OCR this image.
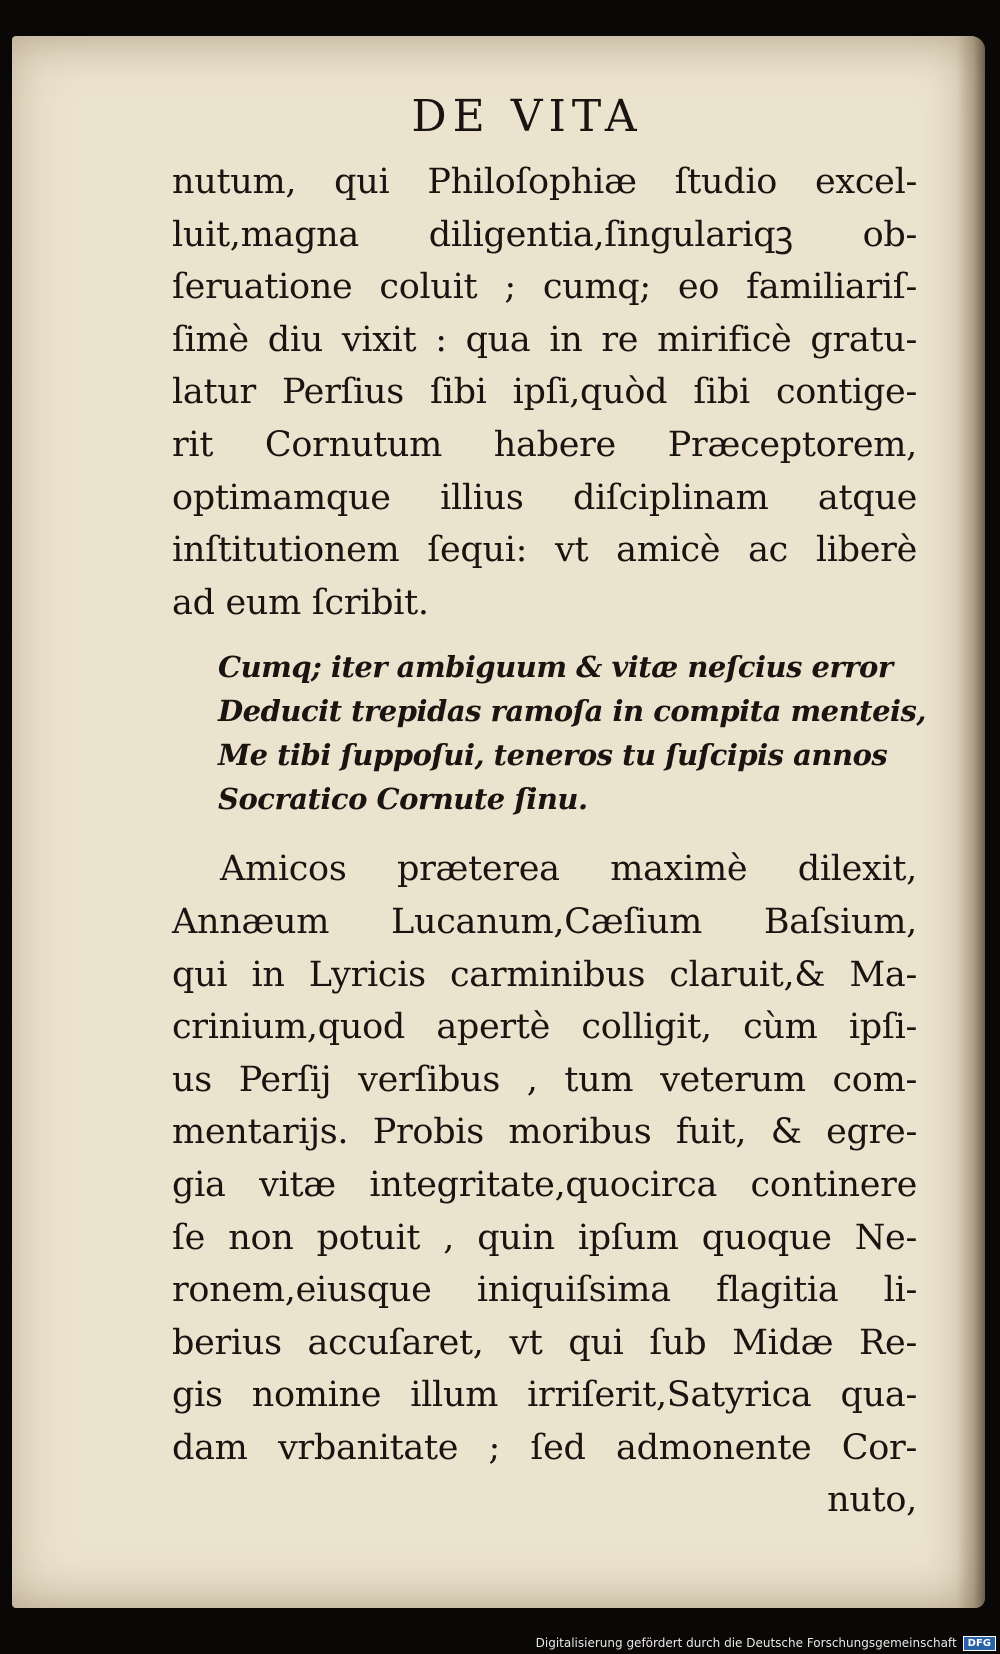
DE VITA
nutum, qui Philoſophiæ ſtudio excel-
luit,magna diligentia,ſingulariqꝫ ob-
ſeruatione coluit ; cumq; eo familiariſ-
ſimè diu vixit : qua in re mirificè gratu-
latur Perſius ſibi ipſi,quòd ſibi contige-
rit Cornutum habere Præceptorem,
optimamque illius diſciplinam atque
inſtitutionem ſequi: vt amicè ac liberè
ad eum ſcribit.
Cumq; iter ambiguum & vitæ neſcius error
Deducit trepidas ramoſa in compita menteis,
Me tibi ſuppoſui, teneros tu ſuſcipis annos
Socratico Cornute ſinu.
Amicos præterea maximè dilexit,
Annæum Lucanum,Cæſium Baſsium,
qui in Lyricis carminibus claruit,& Ma-
crinium,quod apertè colligit, cùm ipſi-
us Perſij verſibus , tum veterum com-
mentarijs. Probis moribus fuit, & egre-
gia vitæ integritate,quocirca continere
ſe non potuit , quin ipſum quoque Ne-
ronem,eiusque iniquiſsima flagitia li-
berius accuſaret, vt qui ſub Midæ Re-
gis nomine illum irriſerit,Satyrica qua-
dam vrbanitate ; ſed admonente Cor-
nuto,
Digitalisierung gefördert durch die Deutsche Forschungsgemeinschaft	DFG
